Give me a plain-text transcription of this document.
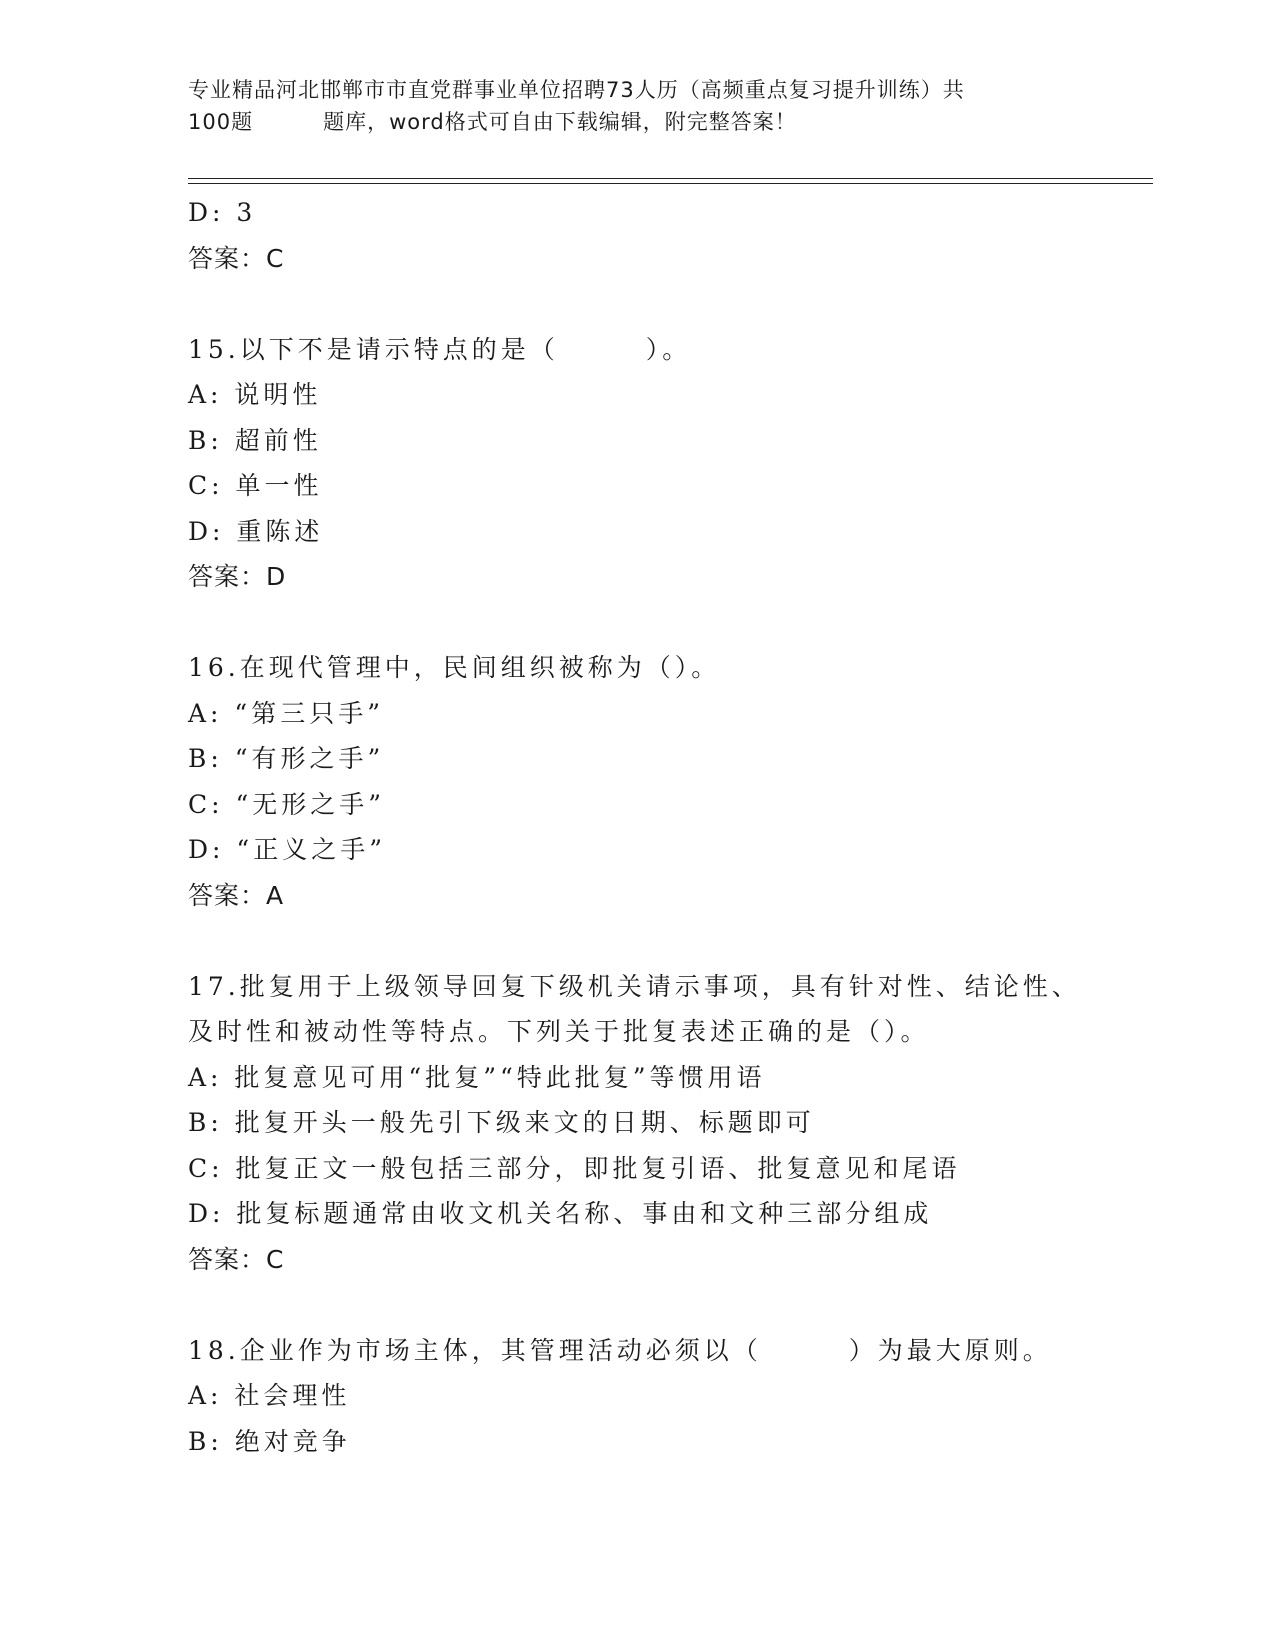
专业精品河北邯郸市市直党群事业单位招聘73人历（高频重点复习提升训练）共
100题	题库，word格式可自由下载编辑，附完整答案！
D: 3
答案：C
15.以下不是请示特点的是（　　　）。
A: 说明性
B: 超前性
C: 单一性
D: 重陈述
答案：D
16.在现代管理中，民间组织被称为（）。
A: “第三只手”
B: “有形之手”
C: “无形之手”
D: “正义之手”
答案：A
17.批复用于上级领导回复下级机关请示事项，具有针对性、结论性、
及时性和被动性等特点。下列关于批复表述正确的是（）。
A: 批复意见可用“批复”“特此批复”等惯用语
B: 批复开头一般先引下级来文的日期、标题即可
C: 批复正文一般包括三部分，即批复引语、批复意见和尾语
D: 批复标题通常由收文机关名称、事由和文种三部分组成
答案：C
18.企业作为市场主体，其管理活动必须以（　　　）为最大原则。
A: 社会理性
B: 绝对竞争
